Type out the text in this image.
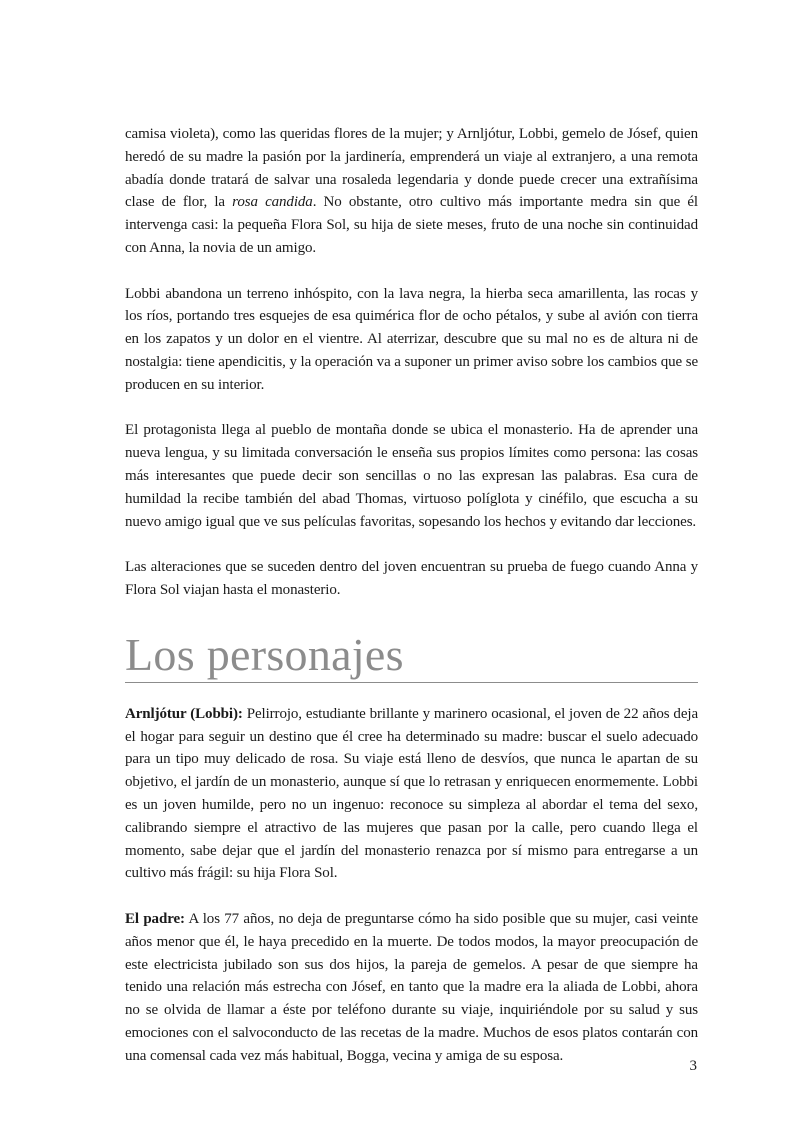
camisa violeta), como las queridas flores de la mujer; y Arnljótur, Lobbi, gemelo de Jósef, quien heredó de su madre la pasión por la jardinería, emprenderá un viaje al extranjero, a una remota abadía donde tratará de salvar una rosaleda legendaria y donde puede crecer una extrañísima clase de flor, la rosa candida. No obstante, otro cultivo más importante medra sin que él intervenga casi: la pequeña Flora Sol, su hija de siete meses, fruto de una noche sin continuidad con Anna, la novia de un amigo.

Lobbi abandona un terreno inhóspito, con la lava negra, la hierba seca amarillenta, las rocas y los ríos, portando tres esquejes de esa quimérica flor de ocho pétalos, y sube al avión con tierra en los zapatos y un dolor en el vientre. Al aterrizar, descubre que su mal no es de altura ni de nostalgia: tiene apendicitis, y la operación va a suponer un primer aviso sobre los cambios que se producen en su interior.

El protagonista llega al pueblo de montaña donde se ubica el monasterio. Ha de aprender una nueva lengua, y su limitada conversación le enseña sus propios límites como persona: las cosas más interesantes que puede decir son sencillas o no las expresan las palabras. Esa cura de humildad la recibe también del abad Thomas, virtuoso políglota y cinéfilo, que escucha a su nuevo amigo igual que ve sus películas favoritas, sopesando los hechos y evitando dar lecciones.

Las alteraciones que se suceden dentro del joven encuentran su prueba de fuego cuando Anna y Flora Sol viajan hasta el monasterio.

Los personajes

Arnljótur (Lobbi): Pelirrojo, estudiante brillante y marinero ocasional, el joven de 22 años deja el hogar para seguir un destino que él cree ha determinado su madre: buscar el suelo adecuado para un tipo muy delicado de rosa. Su viaje está lleno de desvíos, que nunca le apartan de su objetivo, el jardín de un monasterio, aunque sí que lo retrasan y enriquecen enormemente. Lobbi es un joven humilde, pero no un ingenuo: reconoce su simpleza al abordar el tema del sexo, calibrando siempre el atractivo de las mujeres que pasan por la calle, pero cuando llega el momento, sabe dejar que el jardín del monasterio renazca por sí mismo para entregarse a un cultivo más frágil: su hija Flora Sol.

El padre: A los 77 años, no deja de preguntarse cómo ha sido posible que su mujer, casi veinte años menor que él, le haya precedido en la muerte. De todos modos, la mayor preocupación de este electricista jubilado son sus dos hijos, la pareja de gemelos. A pesar de que siempre ha tenido una relación más estrecha con Jósef, en tanto que la madre era la aliada de Lobbi, ahora no se olvida de llamar a éste por teléfono durante su viaje, inquiriéndole por su salud y sus emociones con el salvoconducto de las recetas de la madre. Muchos de esos platos contarán con una comensal cada vez más habitual, Bogga, vecina y amiga de su esposa.

3
